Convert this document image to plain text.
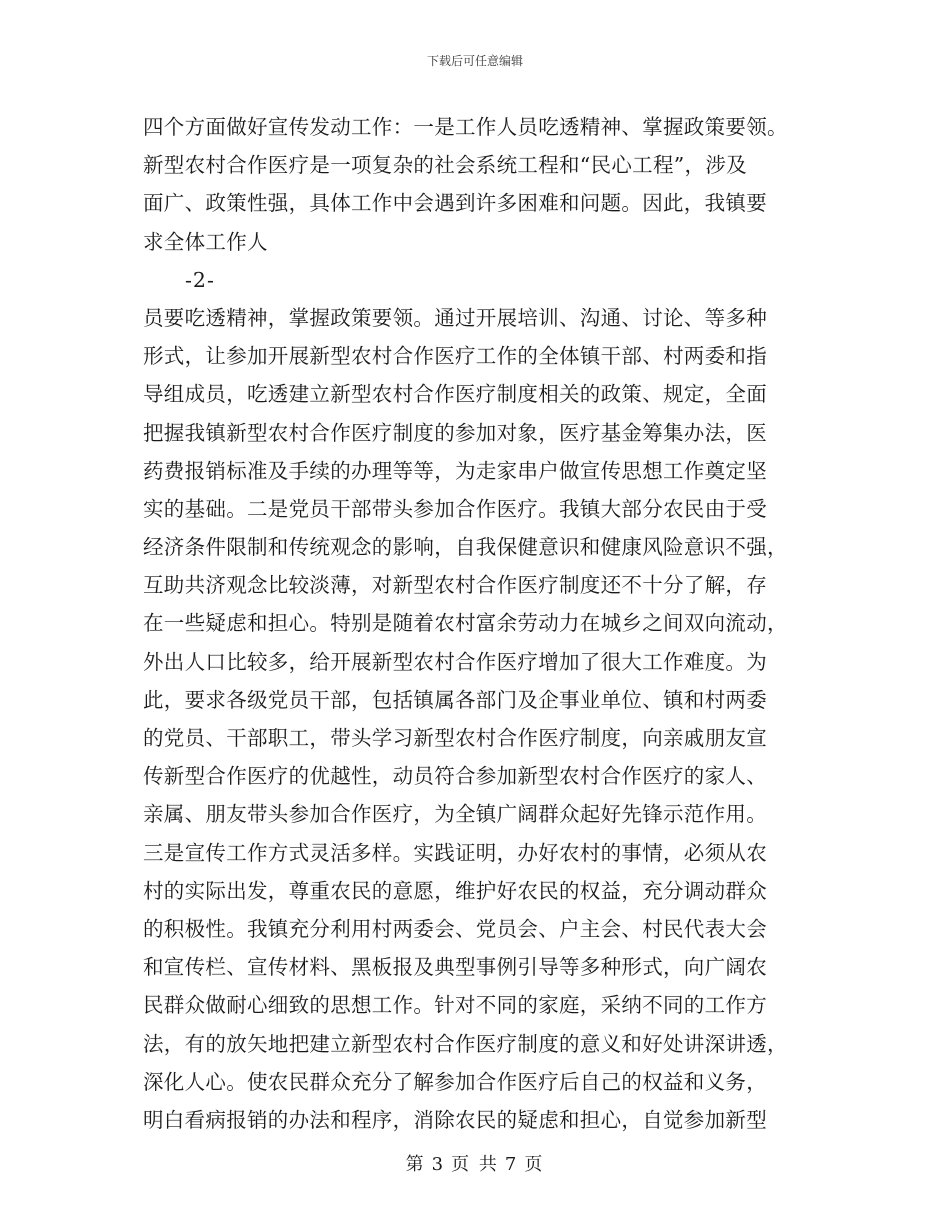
下载后可任意编辑
四个方面做好宣传发动工作：一是工作人员吃透精神、掌握政策要领。
新型农村合作医疗是一项复杂的社会系统工程和“民心工程”，涉及
面广、政策性强，具体工作中会遇到许多困难和问题。因此，我镇要
求全体工作人
-2-
员要吃透精神，掌握政策要领。通过开展培训、沟通、讨论、等多种
形式，让参加开展新型农村合作医疗工作的全体镇干部、村两委和指
导组成员，吃透建立新型农村合作医疗制度相关的政策、规定，全面
把握我镇新型农村合作医疗制度的参加对象，医疗基金筹集办法，医
药费报销标准及手续的办理等等，为走家串户做宣传思想工作奠定坚
实的基础。二是党员干部带头参加合作医疗。我镇大部分农民由于受
经济条件限制和传统观念的影响，自我保健意识和健康风险意识不强，
互助共济观念比较淡薄，对新型农村合作医疗制度还不十分了解，存
在一些疑虑和担心。特别是随着农村富余劳动力在城乡之间双向流动，
外出人口比较多，给开展新型农村合作医疗增加了很大工作难度。为
此，要求各级党员干部，包括镇属各部门及企事业单位、镇和村两委
的党员、干部职工，带头学习新型农村合作医疗制度，向亲戚朋友宣
传新型合作医疗的优越性，动员符合参加新型农村合作医疗的家人、
亲属、朋友带头参加合作医疗，为全镇广阔群众起好先锋示范作用。
三是宣传工作方式灵活多样。实践证明，办好农村的事情，必须从农
村的实际出发，尊重农民的意愿，维护好农民的权益，充分调动群众
的积极性。我镇充分利用村两委会、党员会、户主会、村民代表大会
和宣传栏、宣传材料、黑板报及典型事例引导等多种形式，向广阔农
民群众做耐心细致的思想工作。针对不同的家庭，采纳不同的工作方
法，有的放矢地把建立新型农村合作医疗制度的意义和好处讲深讲透，
深化人心。使农民群众充分了解参加合作医疗后自己的权益和义务，
明白看病报销的办法和程序，消除农民的疑虑和担心，自觉参加新型
第 3 页 共 7 页
